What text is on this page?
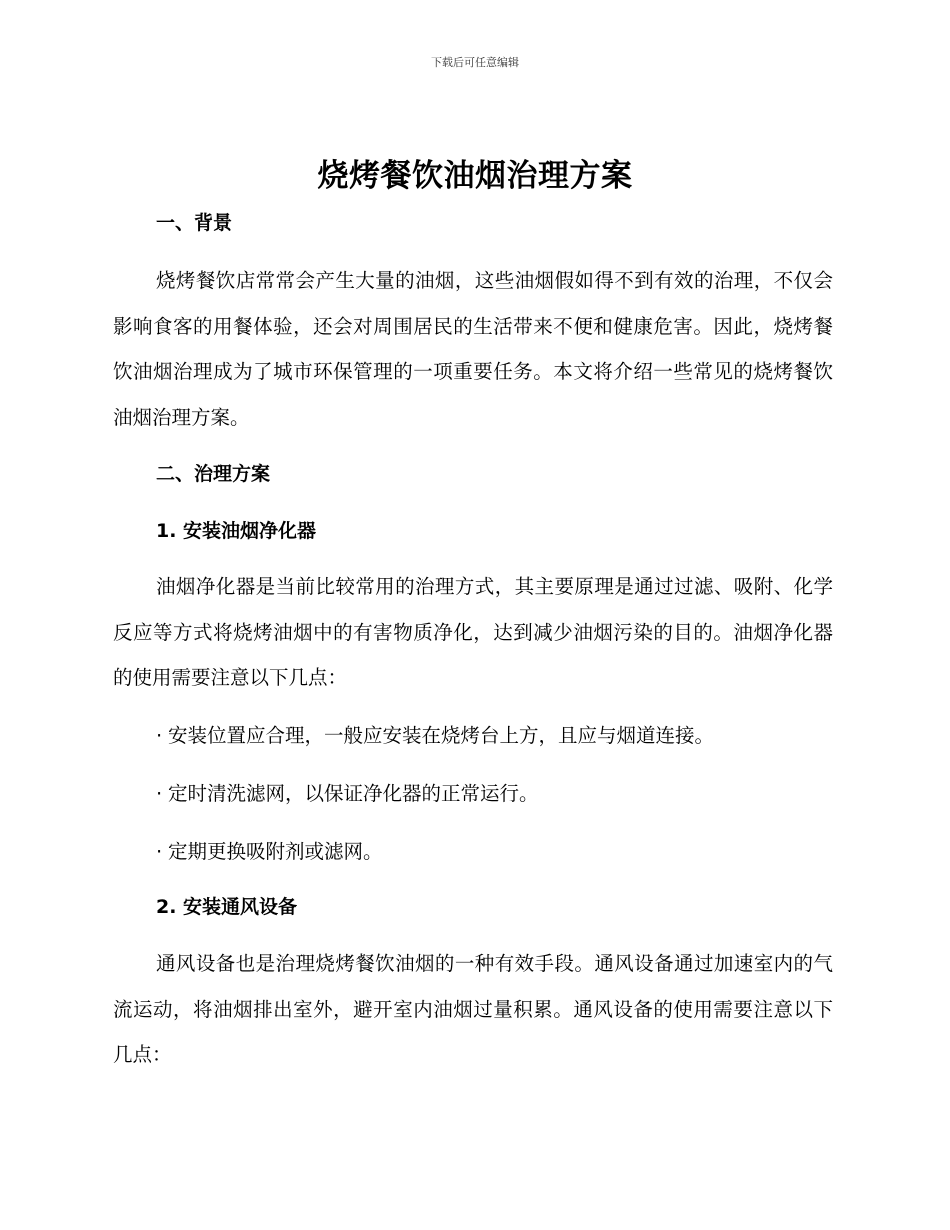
下载后可任意编辑
烧烤餐饮油烟治理方案
一、背景
烧烤餐饮店常常会产生大量的油烟，这些油烟假如得不到有效的治理，不仅会影响食客的用餐体验，还会对周围居民的生活带来不便和健康危害。因此，烧烤餐饮油烟治理成为了城市环保管理的一项重要任务。本文将介绍一些常见的烧烤餐饮油烟治理方案。
二、治理方案
1. 安装油烟净化器
油烟净化器是当前比较常用的治理方式，其主要原理是通过过滤、吸附、化学反应等方式将烧烤油烟中的有害物质净化，达到减少油烟污染的目的。油烟净化器的使用需要注意以下几点：
· 安装位置应合理，一般应安装在烧烤台上方，且应与烟道连接。
· 定时清洗滤网，以保证净化器的正常运行。
· 定期更换吸附剂或滤网。
2. 安装通风设备
通风设备也是治理烧烤餐饮油烟的一种有效手段。通风设备通过加速室内的气流运动，将油烟排出室外，避开室内油烟过量积累。通风设备的使用需要注意以下几点：
